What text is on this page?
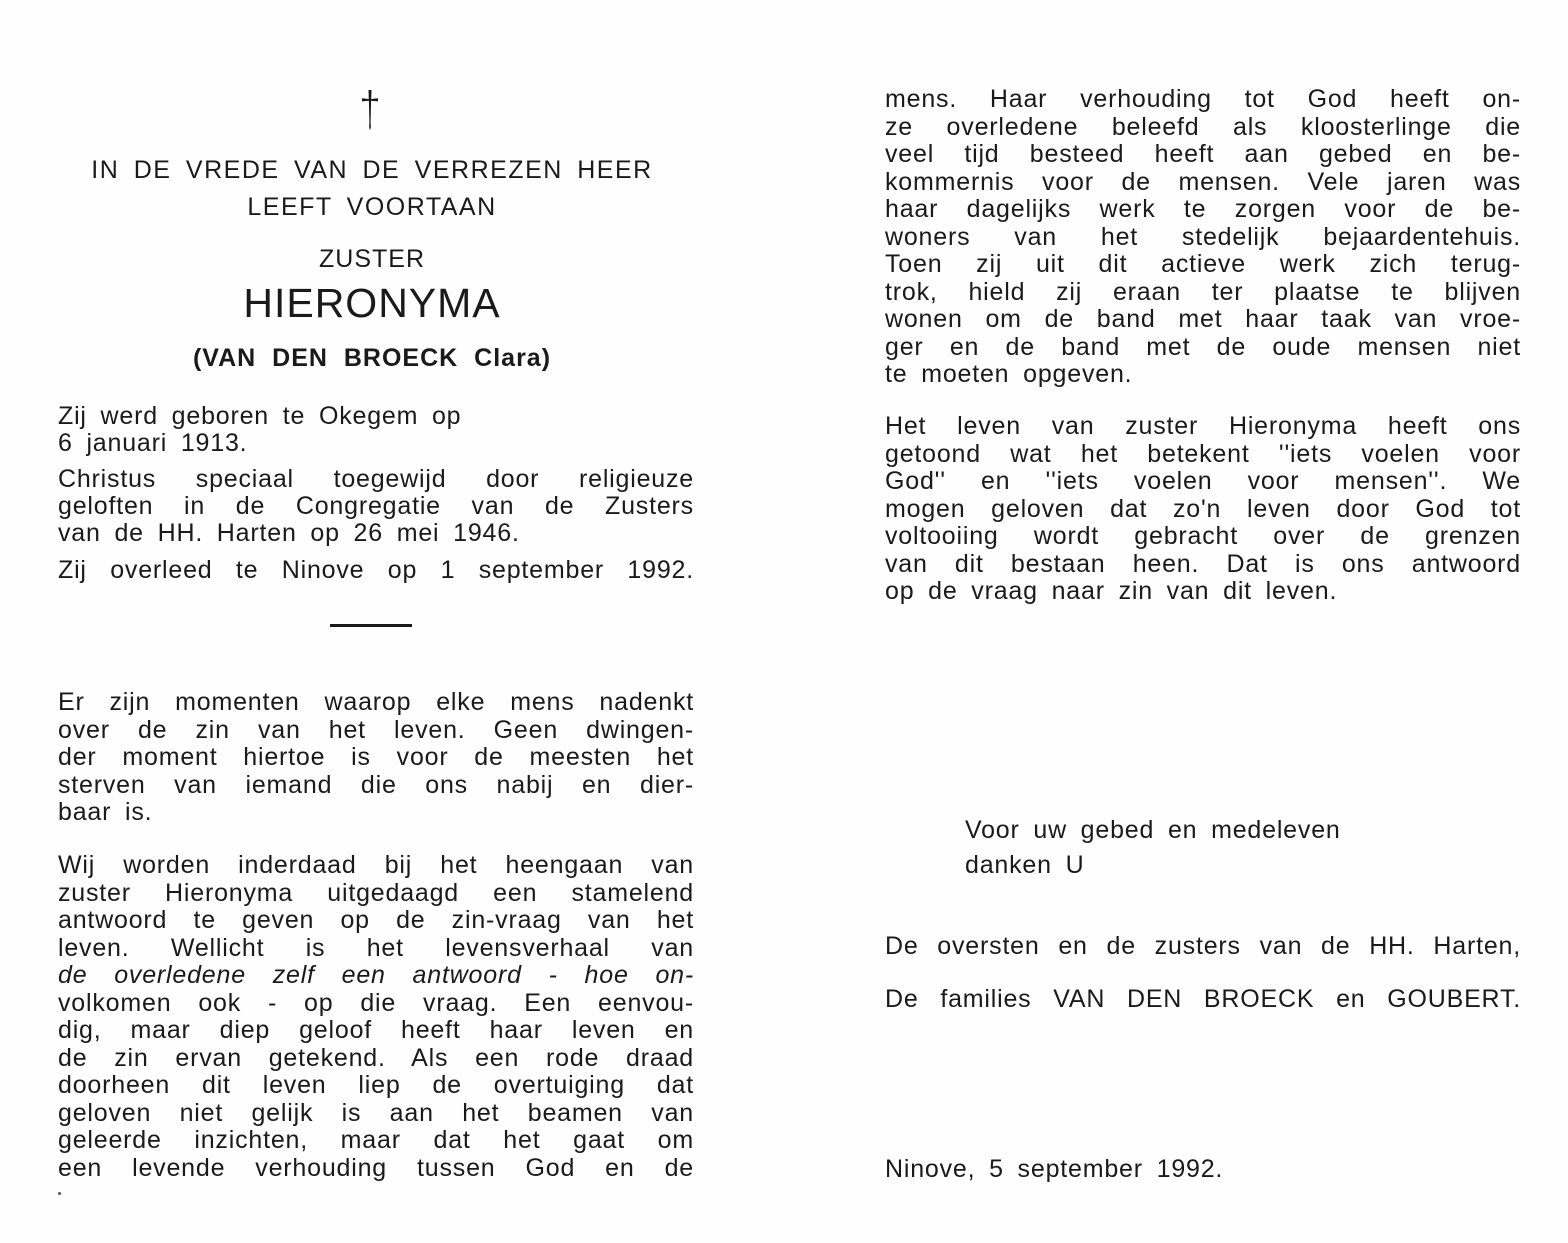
IN DE VREDE VAN DE VERREZEN HEER
LEEFT VOORTAAN
ZUSTER
HIERONYMA
(VAN DEN BROECK Clara)

Zij werd geboren te Okegem op

6 januari 1913.

Christus speciaal toegewijd door religieuze

geloften in de Congregatie van de Zusters

van de HH. Harten op 26 mei 1946.

Zij overleed te Ninove op 1 september 1992.

Er zijn momenten waarop elke mens nadenkt
over de zin van het leven. Geen dwingen-
der moment hiertoe is voor de meesten het
sterven van iemand die ons nabij en dier-
baar is.
Wij worden inderdaad bij het heengaan van
zuster Hieronyma uitgedaagd een stamelend
antwoord te geven op de zin-vraag van het
leven. Wellicht is het levensverhaal van
de overledene zelf een antwoord - hoe on-
volkomen ook - op die vraag. Een eenvou-
dig, maar diep geloof heeft haar leven en
de zin ervan getekend. Als een rode draad
doorheen dit leven liep de overtuiging dat
geloven niet gelijk is aan het beamen van
geleerde inzichten, maar dat het gaat om
een levende verhouding tussen God en de
mens. Haar verhouding tot God heeft on-
ze overledene beleefd als kloosterlinge die
veel tijd besteed heeft aan gebed en be-
kommernis voor de mensen. Vele jaren was
haar dagelijks werk te zorgen voor de be-
woners van het stedelijk bejaardentehuis.
Toen zij uit dit actieve werk zich terug-
trok, hield zij eraan ter plaatse te blijven
wonen om de band met haar taak van vroe-
ger en de band met de oude mensen niet
te moeten opgeven.
Het leven van zuster Hieronyma heeft ons
getoond wat het betekent ''iets voelen voor
God'' en ''iets voelen voor mensen''. We
mogen geloven dat zo'n leven door God tot
voltooiing wordt gebracht over de grenzen
van dit bestaan heen. Dat is ons antwoord
op de vraag naar zin van dit leven.

Voor uw gebed en medeleven

danken U

De oversten en de zusters van de HH. Harten,

De families VAN DEN BROECK en GOUBERT.

Ninove, 5 september 1992.
